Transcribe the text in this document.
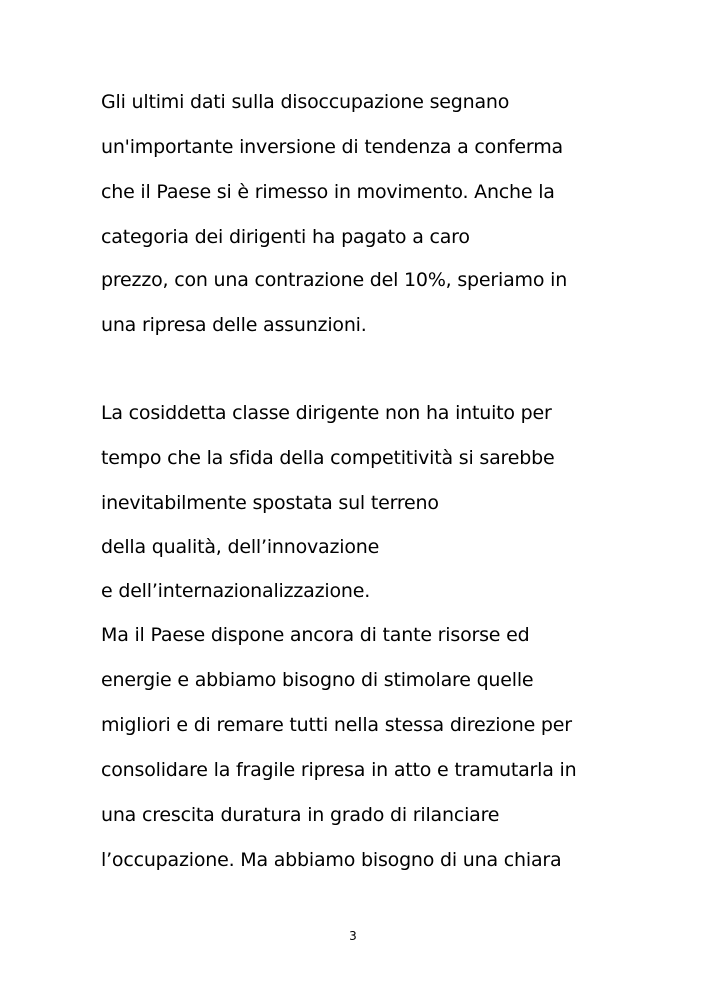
Gli ultimi dati sulla disoccupazione segnano
un'importante inversione di tendenza a conferma
che il Paese si è rimesso in movimento. Anche la
categoria dei dirigenti ha pagato a caro
prezzo, con una contrazione del 10%, speriamo in
una ripresa delle assunzioni.
La cosiddetta classe dirigente non ha intuito per
tempo che la sfida della competitività si sarebbe
inevitabilmente spostata sul terreno
della qualità, dell’innovazione
e dell’internazionalizzazione.
Ma il Paese dispone ancora di tante risorse ed
energie e abbiamo bisogno di stimolare quelle
migliori e di remare tutti nella stessa direzione per
consolidare la fragile ripresa in atto e tramutarla in
una crescita duratura in grado di rilanciare
l’occupazione. Ma abbiamo bisogno di una chiara
3
